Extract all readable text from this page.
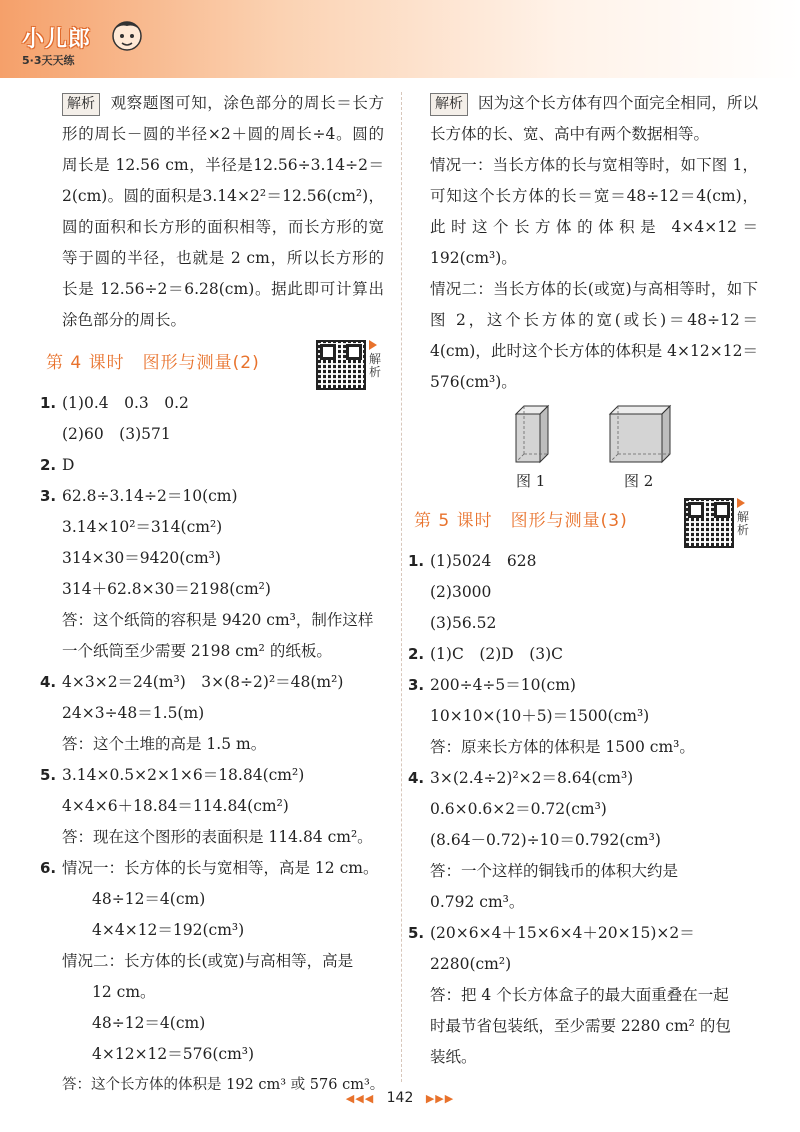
小儿郎
5·3天天练

解析 观察题图可知，涂色部分的周长＝长方形的周长－圆的半径×2＋圆的周长÷4。圆的周长是 12.56 cm，半径是12.56÷3.14÷2＝2(cm)。圆的面积是3.14×2²＝12.56(cm²)，圆的面积和长方形的面积相等，而长方形的宽等于圆的半径，也就是 2 cm，所以长方形的长是 12.56÷2＝6.28(cm)。据此即可计算出涂色部分的周长。

第 4 课时　图形与测量(2)	解析
1. (1)0.4　0.3　0.2
(2)60　(3)571
2. D
3. 62.8÷3.14÷2＝10(cm)
3.14×10²＝314(cm²)
314×30＝9420(cm³)
314＋62.8×30＝2198(cm²)
答：这个纸筒的容积是 9420 cm³，制作这样
一个纸筒至少需要 2198 cm² 的纸板。
4. 4×3×2＝24(m³)　3×(8÷2)²＝48(m²)
24×3÷48＝1.5(m)
答：这个土堆的高是 1.5 m。
5. 3.14×0.5×2×1×6＝18.84(cm²)
4×4×6＋18.84＝114.84(cm²)
答：现在这个图形的表面积是 114.84 cm²。
6. 情况一：长方体的长与宽相等，高是 12 cm。
48÷12＝4(cm)
4×4×12＝192(cm³)
情况二：长方体的长(或宽)与高相等，高是
12 cm。
48÷12＝4(cm)
4×12×12＝576(cm³)
答：这个长方体的体积是 192 cm³ 或 576 cm³。

解析 因为这个长方体有四个面完全相同，所以长方体的长、宽、高中有两个数据相等。
情况一：当长方体的长与宽相等时，如下图 1，可知这个长方体的长＝宽＝48÷12＝4(cm)，此时这个长方体的体积是 4×4×12＝192(cm³)。
情况二：当长方体的长(或宽)与高相等时，如下图 2，这个长方体的宽(或长)＝48÷12＝4(cm)，此时这个长方体的体积是 4×12×12＝576(cm³)。

图 1	图 2
第 5 课时　图形与测量(3)	解析
1. (1)5024　628
(2)3000
(3)56.52
2. (1)C　(2)D　(3)C
3. 200÷4÷5＝10(cm)
10×10×(10＋5)＝1500(cm³)
答：原来长方体的体积是 1500 cm³。
4. 3×(2.4÷2)²×2＝8.64(cm³)
0.6×0.6×2＝0.72(cm³)
(8.64－0.72)÷10＝0.792(cm³)
答：一个这样的铜钱币的体积大约是
0.792 cm³。
5. (20×6×4＋15×6×4＋20×15)×2＝
2280(cm²)
答：把 4 个长方体盒子的最大面重叠在一起
时最节省包装纸，至少需要 2280 cm² 的包
装纸。
◀◀◀ 142 ▶▶▶
